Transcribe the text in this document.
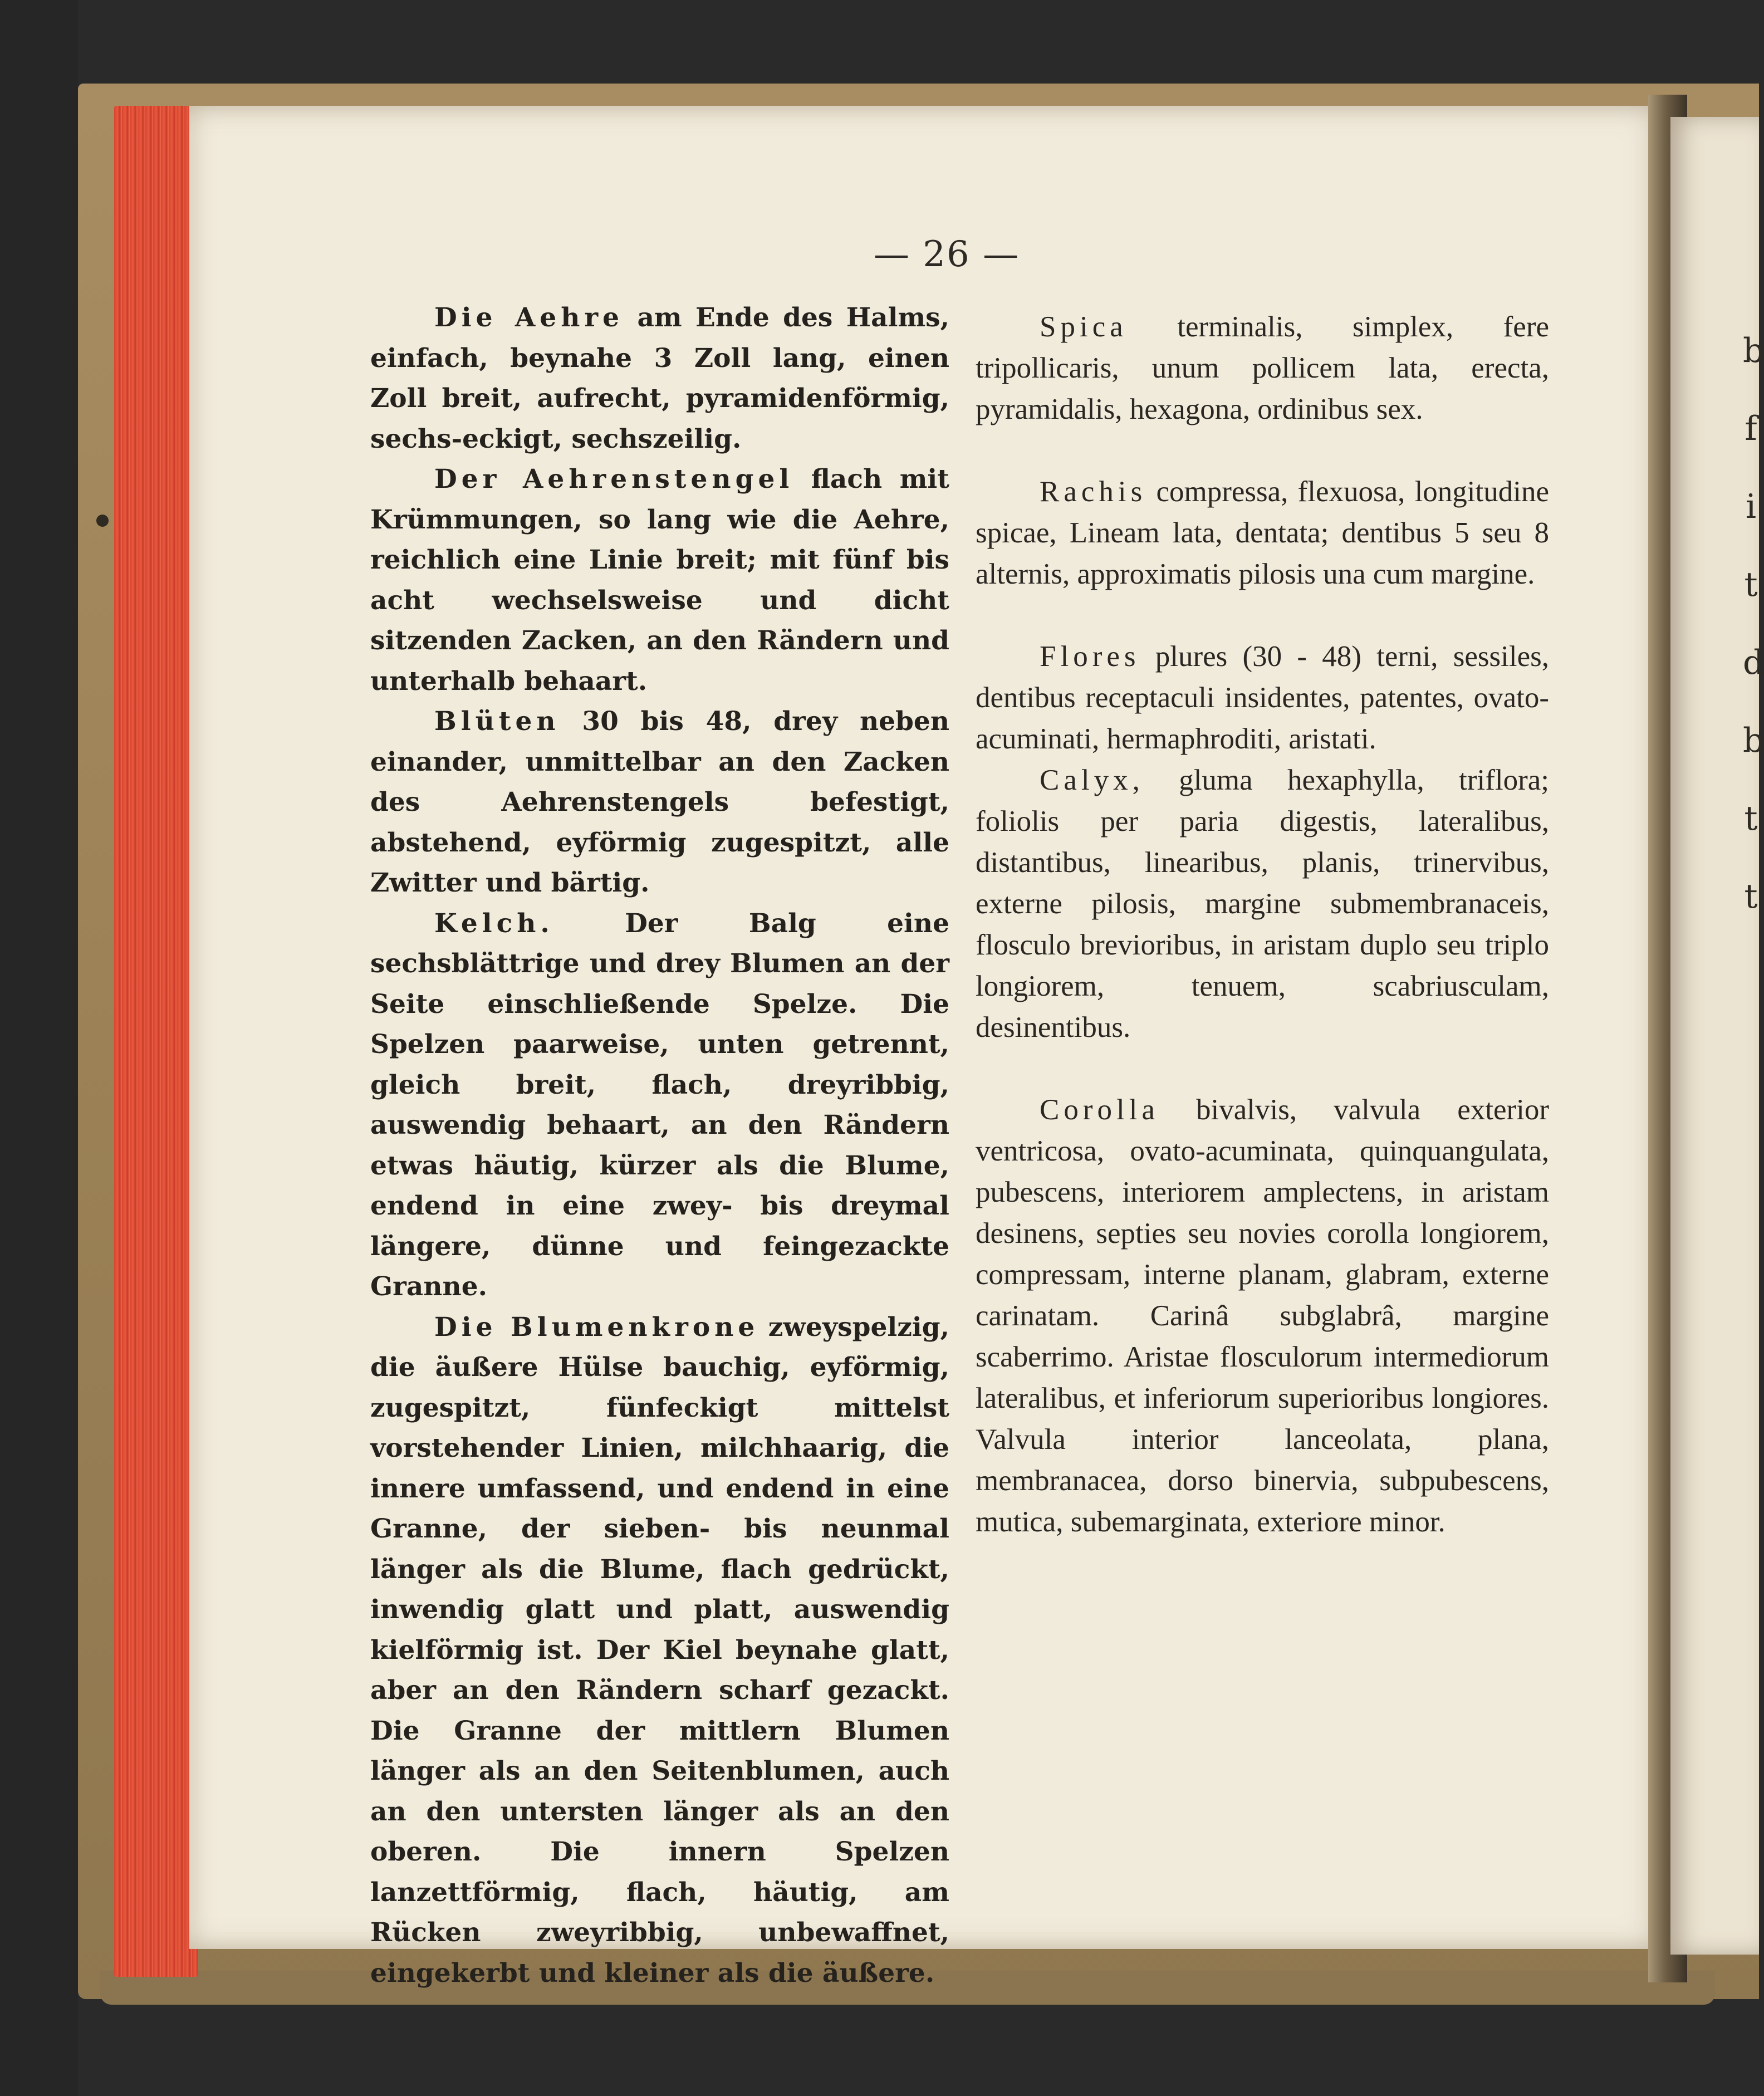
b
f
i
t
d
b
t
t
— 26 —

Die Aehre am Ende des Halms, einfach, beynahe 3 Zoll lang, einen Zoll breit, aufrecht, pyramidenförmig, sechs-eckigt, sechszeilig.

Der Aehrenstengel flach mit Krümmungen, so lang wie die Aehre, reichlich eine Linie breit; mit fünf bis acht wechselsweise und dicht sitzenden Zacken, an den Rändern und unterhalb behaart.

Blüten 30 bis 48, drey neben einander, unmittelbar an den Zacken des Aehrenstengels befestigt, abstehend, eyförmig zugespitzt, alle Zwitter und bärtig.

Kelch.	Der Balg eine sechsblättrige und drey Blumen an der Seite einschließende Spelze. Die Spelzen paarweise, unten getrennt, gleich breit, flach, dreyribbig, auswendig behaart, an den Rändern etwas häutig, kürzer als die Blume, endend in eine zwey- bis dreymal längere, dünne und feingezackte Granne.

Die Blumenkrone zweyspelzig, die äußere Hülse bauchig, eyförmig, zugespitzt, fünfeckigt mittelst vorstehender Linien, milchhaarig, die innere umfassend, und endend in eine Granne, der sieben- bis neunmal länger als die Blume, flach gedrückt, inwendig glatt und platt, auswendig kielförmig ist. Der Kiel beynahe glatt, aber an den Rändern scharf gezackt. Die Granne der mittlern Blumen länger als an den Seitenblumen, auch an den untersten länger als an den oberen. Die innern Spelzen lanzettförmig, flach, häutig, am Rücken zweyribbig, unbewaffnet, eingekerbt und kleiner als die äußere.

Spica terminalis, simplex, fere tripollicaris, unum pollicem lata, erecta, pyramidalis, hexagona, ordinibus sex.

Rachis compressa, flexuosa, longitudine spicae, Lineam lata, dentata; dentibus 5 seu 8 alternis, approximatis pilosis una cum margine.

Flores plures (30 - 48) terni, sessiles, dentibus receptaculi insidentes, patentes, ovato-acuminati, hermaphroditi, aristati.

Calyx, gluma hexaphylla, triflora; foliolis per paria digestis, lateralibus, distantibus, linearibus, planis, trinervibus, externe pilosis, margine submembranaceis, flosculo brevioribus, in aristam duplo seu triplo longiorem, tenuem, scabriusculam, desinentibus.

Corolla bivalvis, valvula exterior ventricosa, ovato-acuminata, quinquangulata, pubescens, interiorem amplectens, in aristam desinens, septies seu novies corolla longiorem, compressam, interne planam, glabram, externe carinatam. Carinâ subglabrâ, margine scaberrimo. Aristae flosculorum intermediorum lateralibus, et inferiorum superioribus longiores. Valvula interior lanceolata, plana, membranacea, dorso binervia, subpubescens, mutica, subemarginata, exteriore minor.
